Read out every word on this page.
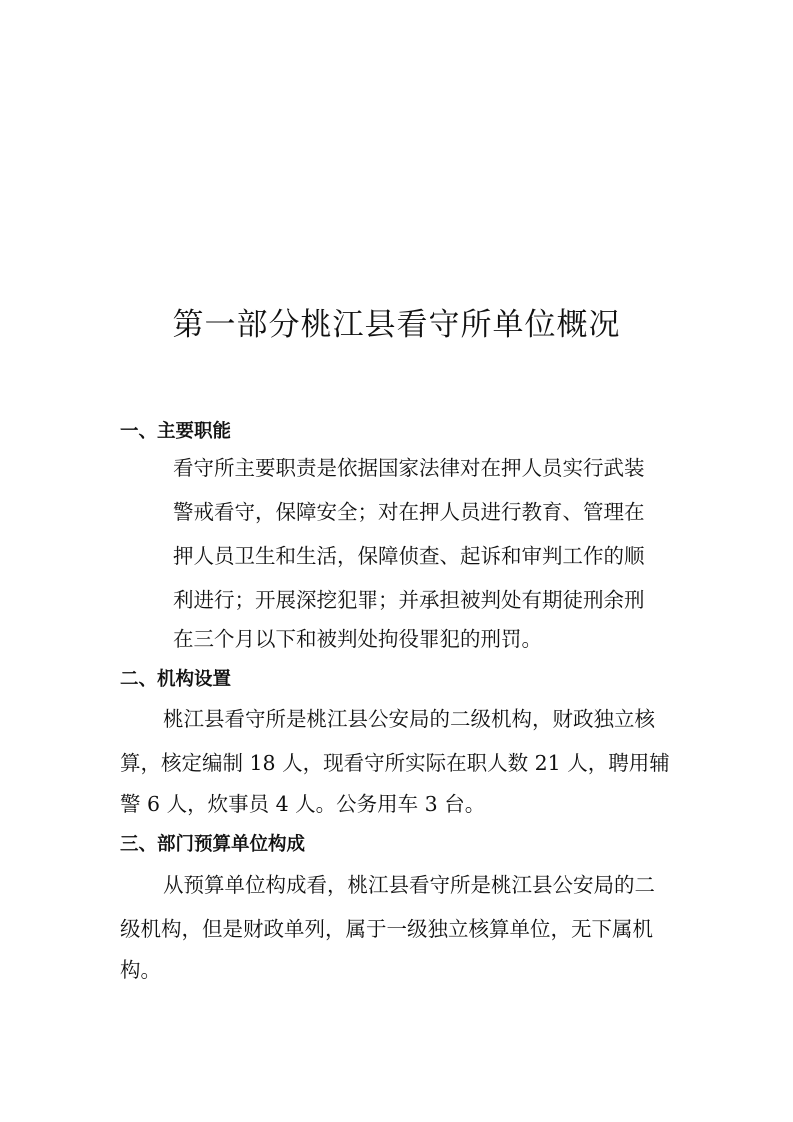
第一部分桃江县看守所单位概况
一、主要职能

看守所主要职责是依据国家法律对在押人员实行武装

警戒看守，保障安全；对在押人员进行教育、管理在

押人员卫生和生活，保障侦查、起诉和审判工作的顺

利进行；开展深挖犯罪；并承担被判处有期徒刑余刑

在三个月以下和被判处拘役罪犯的刑罚。

二、机构设置

桃江县看守所是桃江县公安局的二级机构，财政独立核

算，核定编制 18 人，现看守所实际在职人数 21 人，聘用辅

警 6 人，炊事员 4 人。公务用车 3 台。

三、部门预算单位构成

从预算单位构成看，桃江县看守所是桃江县公安局的二

级机构，但是财政单列，属于一级独立核算单位，无下属机

构。
